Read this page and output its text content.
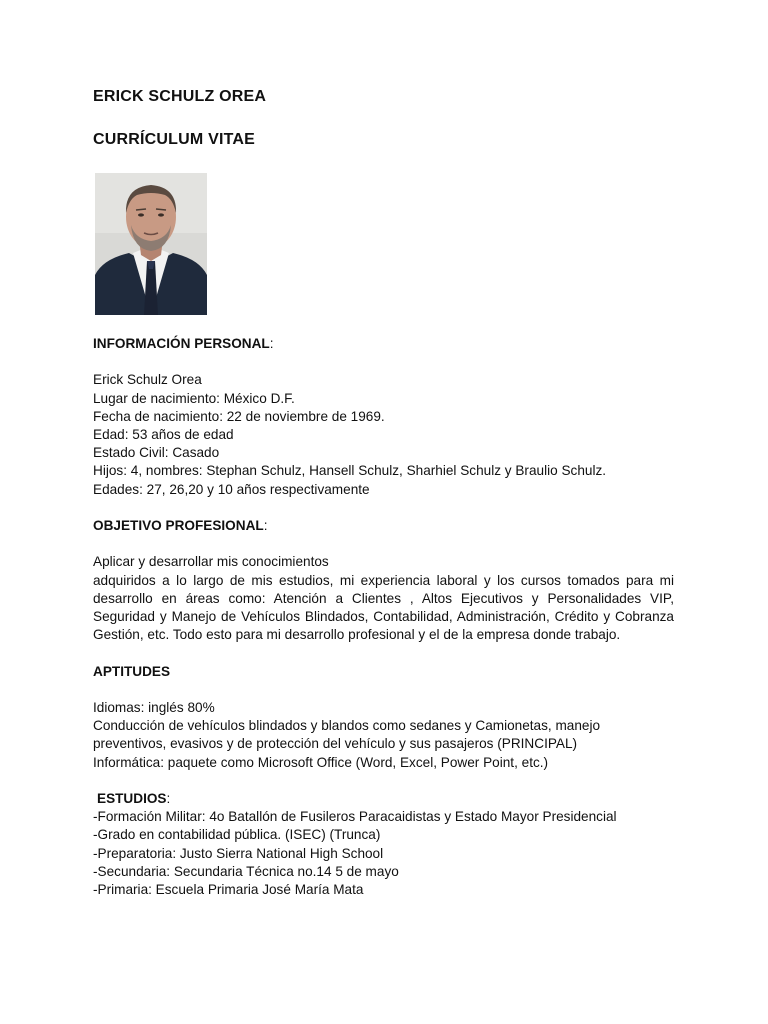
ERICK SCHULZ OREA
CURRÍCULUM VITAE

INFORMACIÓN PERSONAL:

Erick Schulz Orea

Lugar de nacimiento: México D.F.

Fecha de nacimiento: 22 de noviembre de 1969.

Edad: 53 años de edad

Estado Civil: Casado

Hijos: 4, nombres: Stephan Schulz, Hansell Schulz, Sharhiel Schulz y Braulio Schulz.

Edades: 27, 26,20 y 10 años respectivamente

OBJETIVO PROFESIONAL:

Aplicar y desarrollar mis conocimientos

adquiridos a lo largo de mis estudios, mi experiencia laboral y los cursos tomados para mi desarrollo en áreas como: Atención a Clientes , Altos Ejecutivos y Personalidades VIP, Seguridad y Manejo de Vehículos Blindados, Contabilidad, Administración, Crédito y Cobranza Gestión, etc. Todo esto para mi desarrollo profesional y el de la empresa donde trabajo.

APTITUDES

Idiomas: inglés 80%

Conducción de vehículos blindados y blandos como sedanes y Camionetas, manejo

preventivos, evasivos y de protección del vehículo y sus pasajeros (PRINCIPAL)

Informática: paquete como Microsoft Office (Word, Excel, Power Point, etc.)

ESTUDIOS:

-Formación Militar: 4o Batallón de Fusileros Paracaidistas y Estado Mayor Presidencial

-Grado en contabilidad pública. (ISEC) (Trunca)

-Preparatoria: Justo Sierra National High School

-Secundaria: Secundaria Técnica no.14 5 de mayo

-Primaria: Escuela Primaria José María Mata
